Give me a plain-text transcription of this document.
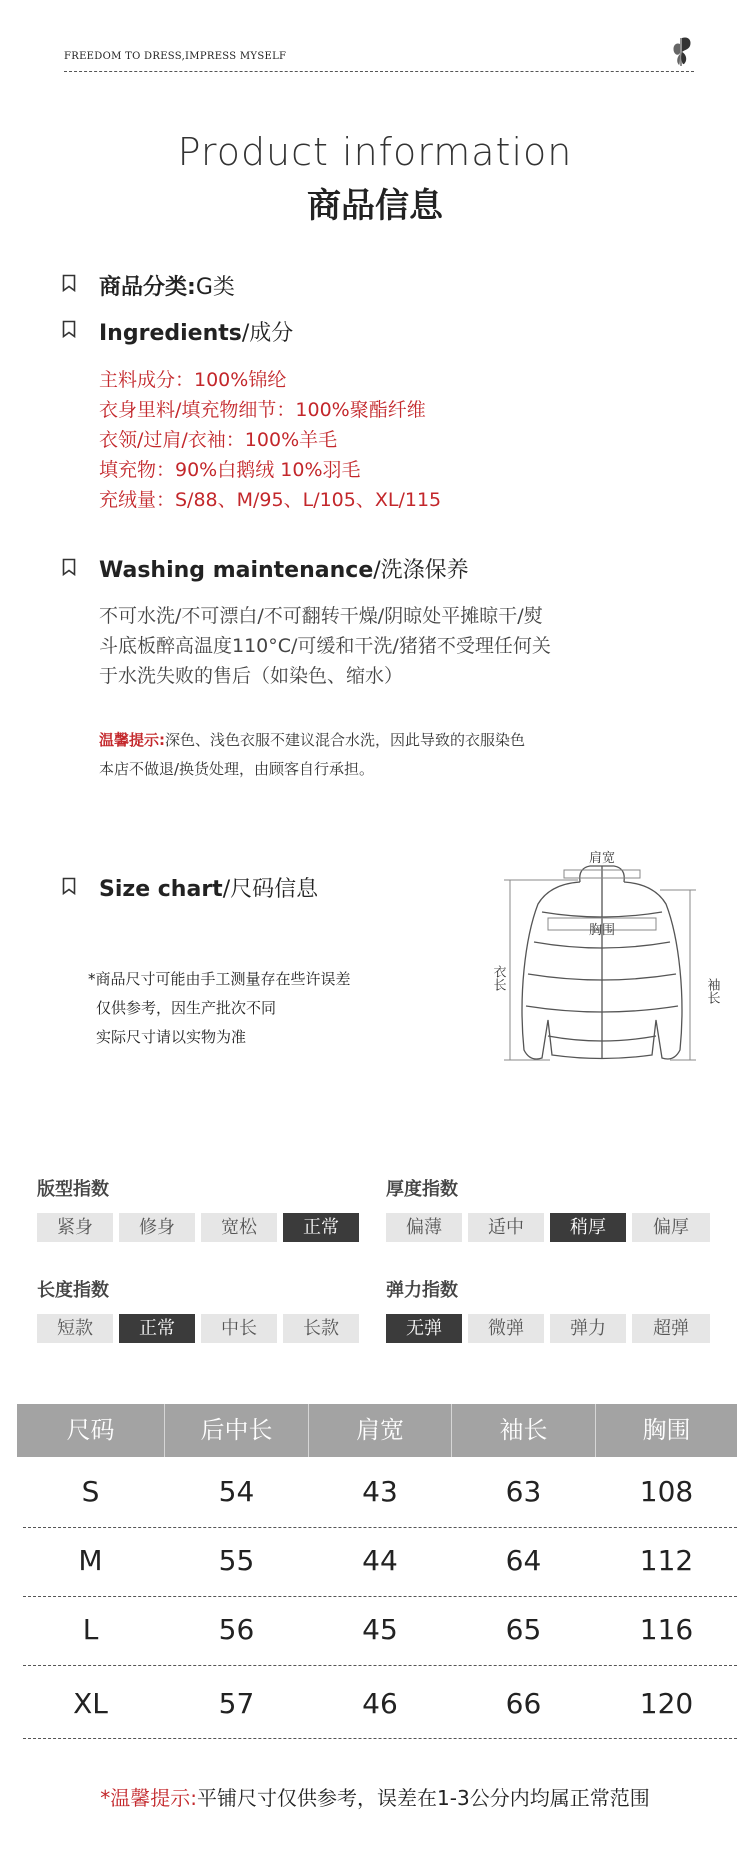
FREEDOM TO DRESS,IMPRESS MYSELF
Product information
商品信息
商品分类:G类
Ingredients/成分
主料成分：100%锦纶
衣身里料/填充物细节：100%聚酯纤维
衣领/过肩/衣袖：100%羊毛
填充物：90%白鹅绒 10%羽毛
充绒量：S/88、M/95、L/105、XL/115
Washing maintenance/洗涤保养
不可水洗/不可漂白/不可翻转干燥/阴晾处平摊晾干/熨
斗底板醉高温度110°C/可缓和干洗/猪猪不受理任何关
于水洗失败的售后（如染色、缩水）
温馨提示:深色、浅色衣服不建议混合水洗，因此导致的衣服染色
本店不做退/换货处理，由顾客自行承担。
Size chart/尺码信息
*商品尺寸可能由手工测量存在些许误差
仅供参考，因生产批次不同
实际尺寸请以实物为准
肩宽
胸围
衣长	袖长
版型指数
紧身	修身	宽松	正常
厚度指数
偏薄	适中	稍厚	偏厚
长度指数
短款	正常	中长	长款
弹力指数
无弹	微弹	弹力	超弹
尺码	后中长	肩宽	袖长	胸围
S	54	43	63	108
M	55	44	64	112
L	56	45	65	116
XL	57	46	66	120
*温馨提示:平铺尺寸仅供参考，误差在1-3公分内均属正常范围
